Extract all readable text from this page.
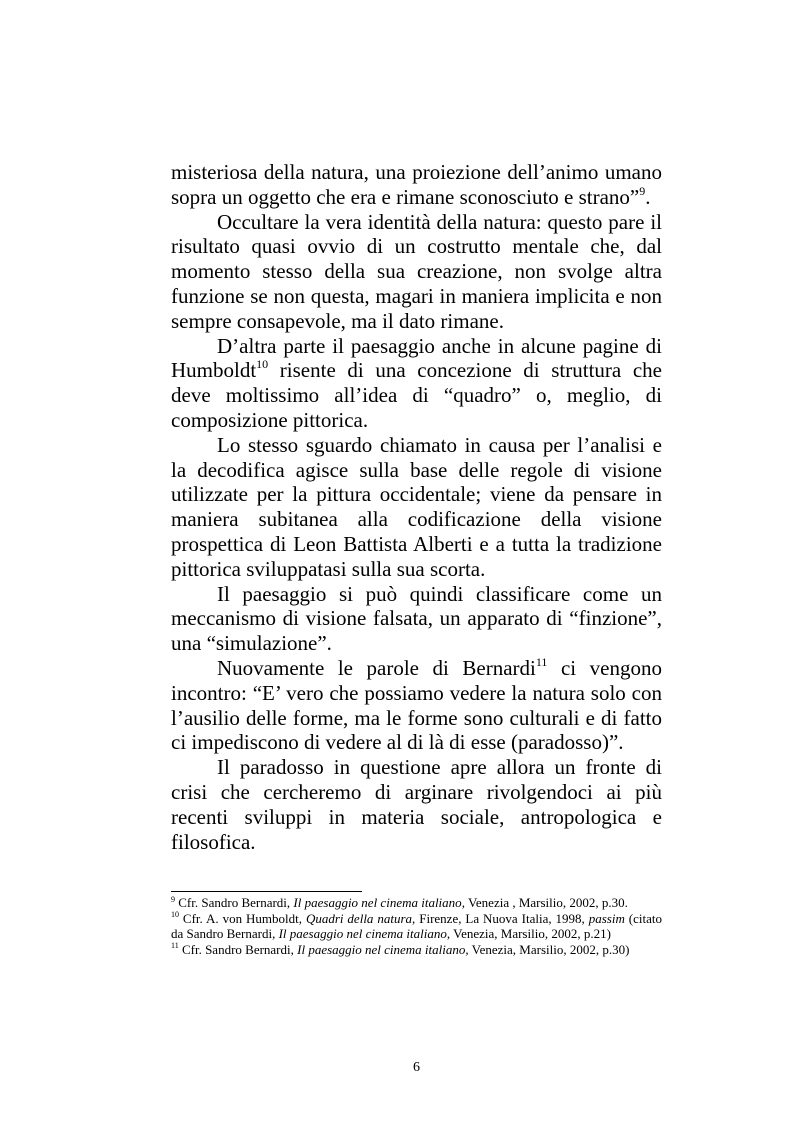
misteriosa della natura, una proiezione dell’animo umano sopra un oggetto che era e rimane sconosciuto e strano”$^9$.

Occultare la vera identità della natura: questo pare il risultato quasi ovvio di un costrutto mentale che, dal momento stesso della sua creazione, non svolge altra funzione se non questa, magari in maniera implicita e non sempre consapevole, ma il dato rimane.

D’altra parte il paesaggio anche in alcune pagine di Humboldt$^{10}$ risente di una concezione di struttura che deve moltissimo all’idea di “quadro” o, meglio, di composizione pittorica.

Lo stesso sguardo chiamato in causa per l’analisi e la decodifica agisce sulla base delle regole di visione utilizzate per la pittura occidentale; viene da pensare in maniera subitanea alla codificazione della visione prospettica di Leon Battista Alberti e a tutta la tradizione pittorica sviluppatasi sulla sua scorta.

Il paesaggio si può quindi classificare come un meccanismo di visione falsata, un apparato di “finzione”, una “simulazione”.

Nuovamente le parole di Bernardi$^{11}$ ci vengono incontro: “E’ vero che possiamo vedere la natura solo con l’ausilio delle forme, ma le forme sono culturali e di fatto ci impediscono di vedere al di là di esse (paradosso)”.

Il paradosso in questione apre allora un fronte di crisi che cercheremo di arginare rivolgendoci ai più recenti sviluppi in materia sociale, antropologica e filosofica.

$^9$ Cfr. Sandro Bernardi, Il paesaggio nel cinema italiano, Venezia , Marsilio, 2002, p.30.

$^{10}$ Cfr. A. von Humboldt, Quadri della natura, Firenze, La Nuova Italia, 1998, passim (citato da Sandro Bernardi, Il paesaggio nel cinema italiano, Venezia, Marsilio, 2002, p.21)

$^{11}$ Cfr. Sandro Bernardi, Il paesaggio nel cinema italiano, Venezia, Marsilio, 2002, p.30)

6
